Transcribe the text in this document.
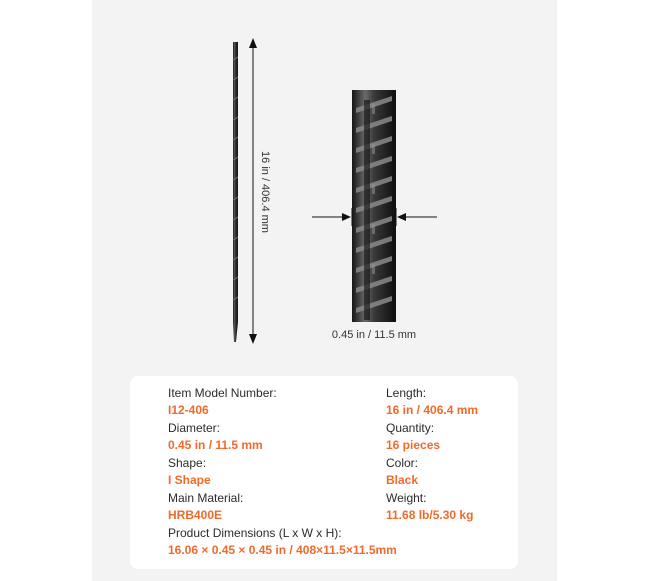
16 in / 406.4 mm
0.45 in / 11.5 mm
Item Model Number:
I12-406
Diameter:
0.45 in / 11.5 mm
Shape:
I Shape
Main Material:
HRB400E
Product Dimensions (L x W x H):
16.06 × 0.45 × 0.45 in / 408×11.5×11.5mm
Length:
16 in / 406.4 mm
Quantity:
16 pieces
Color:
Black
Weight:
11.68 lb/5.30 kg
